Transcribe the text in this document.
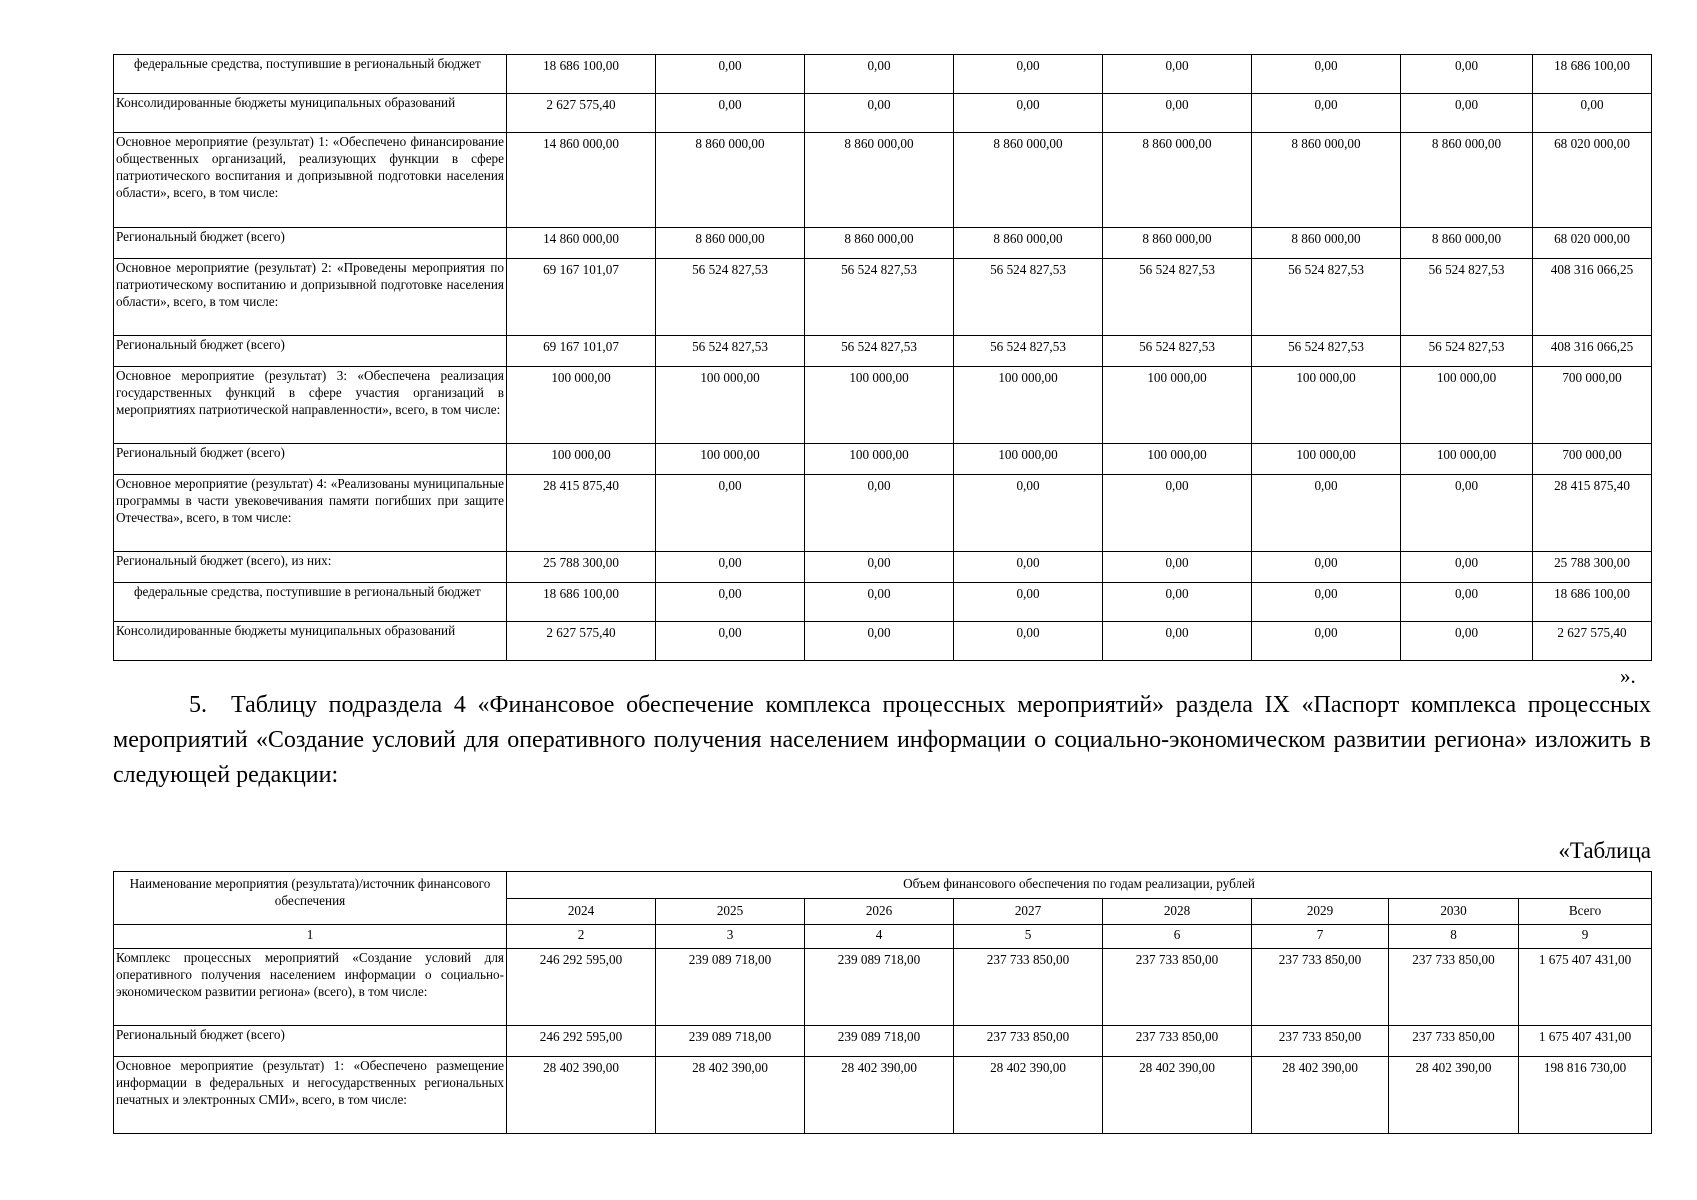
федеральные средства, поступившие в региональный бюджет	18 686 100,00	0,00	0,00	0,00	0,00	0,00	0,00	18 686 100,00
Консолидированные бюджеты муниципальных образований	2 627 575,40	0,00	0,00	0,00	0,00	0,00	0,00	0,00
Основное мероприятие (результат) 1: «Обеспечено финансирование общественных организаций, реализующих функции в сфере патриотического воспитания и допризывной подготовки населения области», всего, в том числе:	14 860 000,00	8 860 000,00	8 860 000,00	8 860 000,00	8 860 000,00	8 860 000,00	8 860 000,00	68 020 000,00
Региональный бюджет (всего)	14 860 000,00	8 860 000,00	8 860 000,00	8 860 000,00	8 860 000,00	8 860 000,00	8 860 000,00	68 020 000,00
Основное мероприятие (результат) 2: «Проведены мероприятия по патриотическому воспитанию и допризывной подготовке населения области», всего, в том числе:	69 167 101,07	56 524 827,53	56 524 827,53	56 524 827,53	56 524 827,53	56 524 827,53	56 524 827,53	408 316 066,25
Региональный бюджет (всего)	69 167 101,07	56 524 827,53	56 524 827,53	56 524 827,53	56 524 827,53	56 524 827,53	56 524 827,53	408 316 066,25
Основное мероприятие (результат) 3: «Обеспечена реализация государственных функций в сфере участия организаций в мероприятиях патриотической направленности», всего, в том числе:	100 000,00	100 000,00	100 000,00	100 000,00	100 000,00	100 000,00	100 000,00	700 000,00
Региональный бюджет (всего)	100 000,00	100 000,00	100 000,00	100 000,00	100 000,00	100 000,00	100 000,00	700 000,00
Основное мероприятие (результат) 4: «Реализованы муниципальные программы в части увековечивания памяти погибших при защите Отечества», всего, в том числе:	28 415 875,40	0,00	0,00	0,00	0,00	0,00	0,00	28 415 875,40
Региональный бюджет (всего), из них:	25 788 300,00	0,00	0,00	0,00	0,00	0,00	0,00	25 788 300,00
федеральные средства, поступившие в региональный бюджет	18 686 100,00	0,00	0,00	0,00	0,00	0,00	0,00	18 686 100,00
Консолидированные бюджеты муниципальных образований	2 627 575,40	0,00	0,00	0,00	0,00	0,00	0,00	2 627 575,40
».
5. Таблицу подраздела 4 «Финансовое обеспечение комплекса процессных мероприятий» раздела IX «Паспорт комплекса процессных мероприятий «Создание условий для оперативного получения населением информации о социально-экономическом развитии региона» изложить в следующей редакции:
«Таблица
Наименование мероприятия (результата)/источник финансового обеспечения	Объем финансового обеспечения по годам реализации, рублей							
	2024	2025	2026	2027	2028	2029	2030	Всего
1	2	3	4	5	6	7	8	9
Комплекс процессных мероприятий «Создание условий для оперативного получения населением информации о социально-экономическом развитии региона» (всего), в том числе:	246 292 595,00	239 089 718,00	239 089 718,00	237 733 850,00	237 733 850,00	237 733 850,00	237 733 850,00	1 675 407 431,00
Региональный бюджет (всего)	246 292 595,00	239 089 718,00	239 089 718,00	237 733 850,00	237 733 850,00	237 733 850,00	237 733 850,00	1 675 407 431,00
Основное мероприятие (результат) 1: «Обеспечено размещение информации в федеральных и негосударственных региональных печатных и электронных СМИ», всего, в том числе:	28 402 390,00	28 402 390,00	28 402 390,00	28 402 390,00	28 402 390,00	28 402 390,00	28 402 390,00	198 816 730,00
